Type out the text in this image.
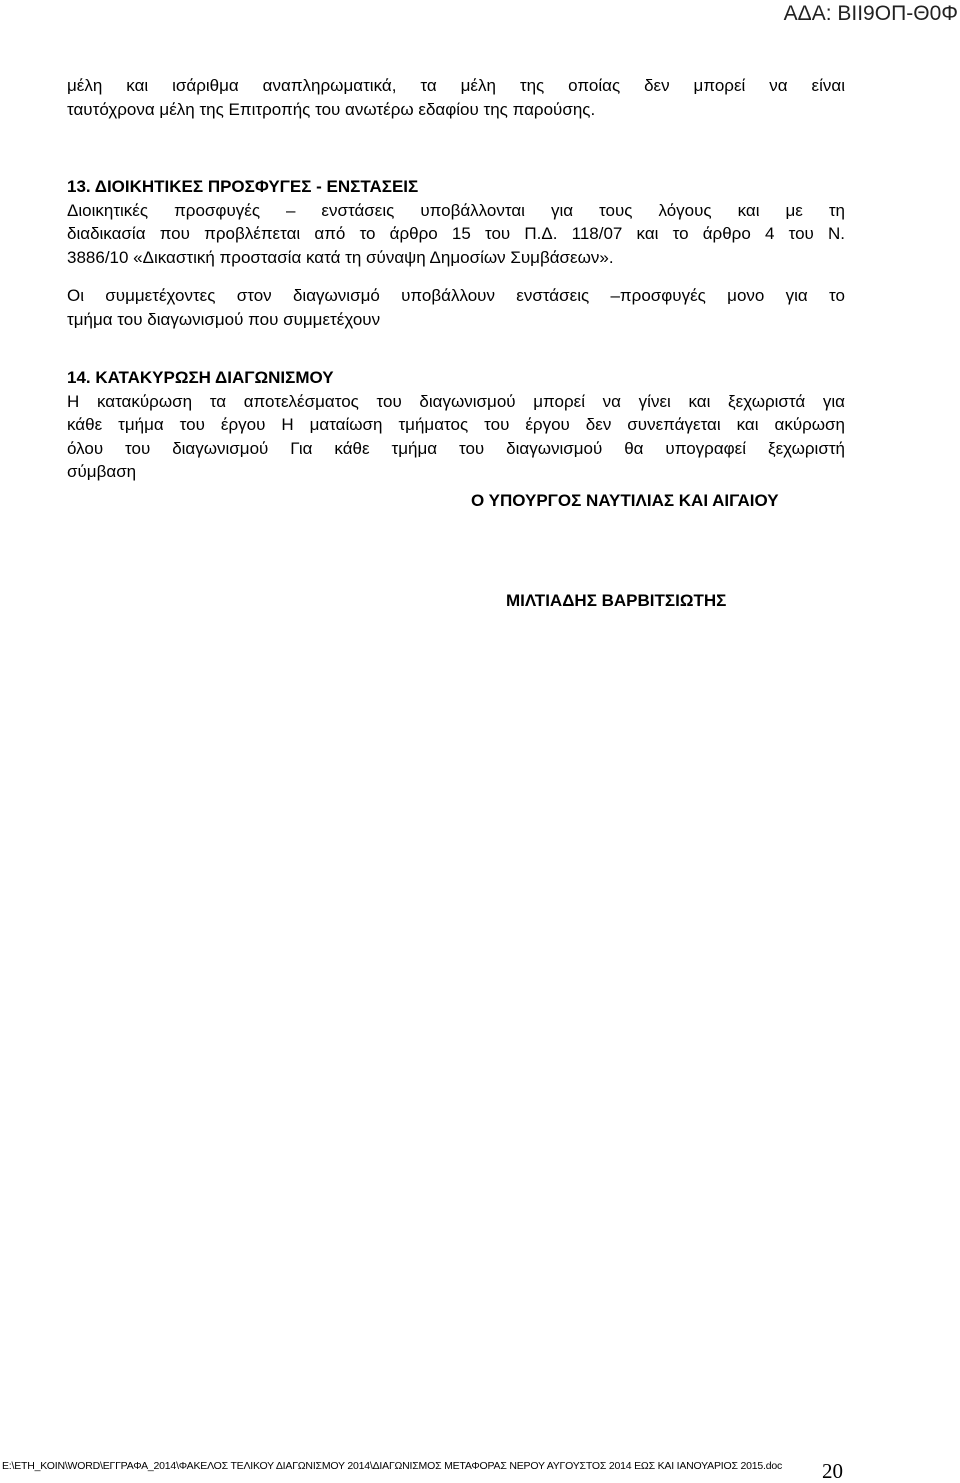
ΑΔΑ: ΒΙΙ9ΟΠ-Θ0Φ
μέλη και ισάριθμα αναπληρωματικά, τα μέλη της οποίας δεν μπορεί να είναι
ταυτόχρονα μέλη της Επιτροπής του ανωτέρω εδαφίου της παρούσης.
13. ΔΙΟΙΚΗΤΙΚΕΣ ΠΡΟΣΦΥΓΕΣ - ΕΝΣΤΑΣΕΙΣ
Διοικητικές προσφυγές – ενστάσεις υποβάλλονται για τους λόγους και με τη
διαδικασία που προβλέπεται από το άρθρο 15 του Π.Δ. 118/07 και το άρθρο 4 του Ν.
3886/10 «Δικαστική προστασία κατά τη σύναψη Δημοσίων Συμβάσεων».
Οι συμμετέχοντες στον διαγωνισμό υποβάλλουν ενστάσεις –προσφυγές μονο για το
τμήμα του διαγωνισμού που συμμετέχουν
14. ΚΑΤΑΚΥΡΩΣΗ ΔΙΑΓΩΝΙΣΜΟΥ
Η κατακύρωση τα αποτελέσματος του διαγωνισμού μπορεί να γίνει και ξεχωριστά για
κάθε τμήμα του έργου Η ματαίωση τμήματος του έργου δεν συνεπάγεται και ακύρωση
όλου του διαγωνισμού Για κάθε τμήμα του διαγωνισμού θα υπογραφεί ξεχωριστή
σύμβαση
Ο ΥΠΟΥΡΓΟΣ ΝΑΥΤΙΛΙΑΣ ΚΑΙ ΑΙΓΑΙΟΥ
ΜΙΛΤΙΑΔΗΣ ΒΑΡΒΙΤΣΙΩΤΗΣ
E:\ΕΤΗ_ΚΟΙΝ\WORD\ΕΓΓΡΑΦΑ_2014\ΦΑΚΕΛΟΣ ΤΕΛΙΚΟΥ ΔΙΑΓΩΝΙΣΜΟΥ 2014\ΔΙΑΓΩΝΙΣΜΟΣ ΜΕΤΑΦΟΡΑΣ ΝΕΡΟΥ ΑΥΓΟΥΣΤΟΣ 2014 ΕΩΣ ΚΑΙ ΙΑΝΟΥΑΡΙΟΣ 2015.doc 20
